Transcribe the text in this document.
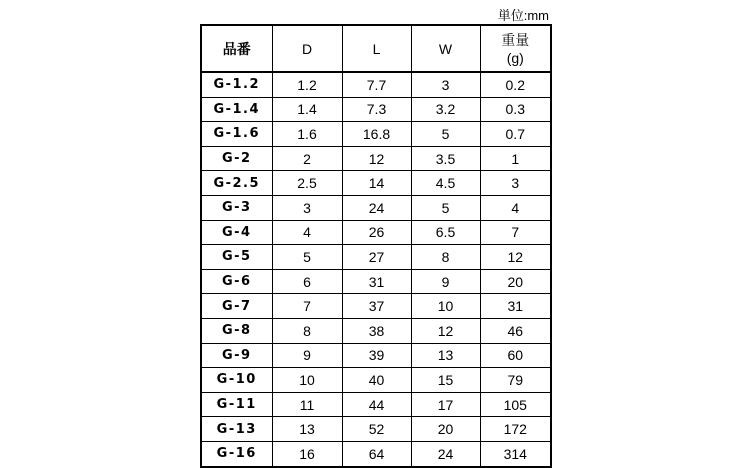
単位:mm
品番	D	L	W	重量
(g)

G-1.2	1.2	7.7	3	0.2
G-1.4	1.4	7.3	3.2	0.3
G-1.6	1.6	16.8	5	0.7
G-2	2	12	3.5	1
G-2.5	2.5	14	4.5	3
G-3	3	24	5	4
G-4	4	26	6.5	7
G-5	5	27	8	12
G-6	6	31	9	20
G-7	7	37	10	31
G-8	8	38	12	46
G-9	9	39	13	60
G-10	10	40	15	79
G-11	11	44	17	105
G-13	13	52	20	172
G-16	16	64	24	314
